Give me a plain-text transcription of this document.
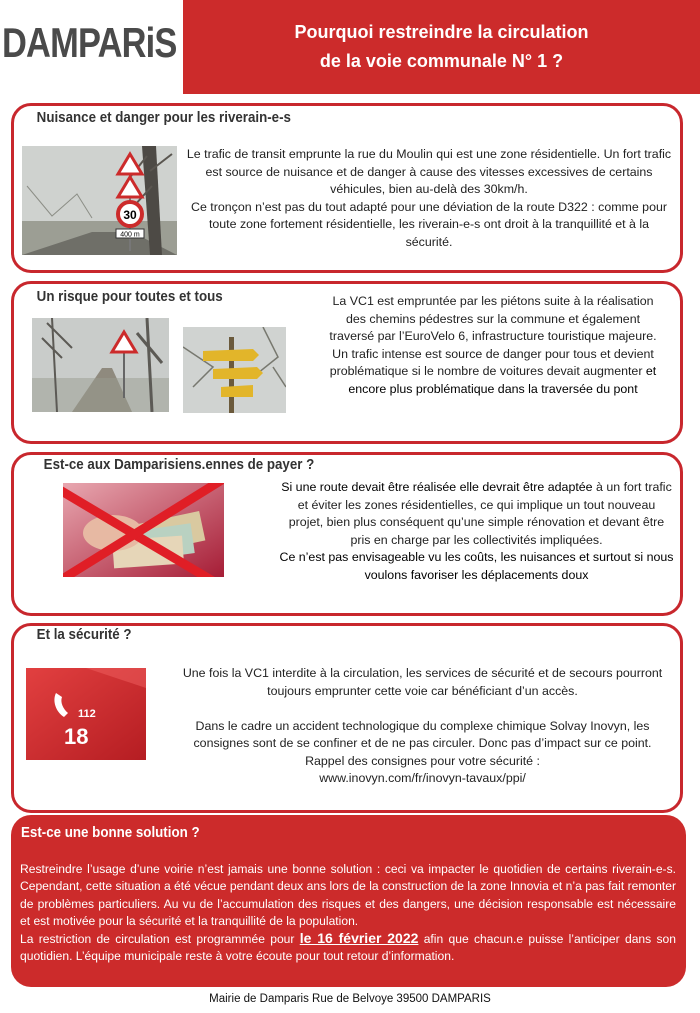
DAMPARiS	Pourquoi restreindre la circulation
de la voie communale N° 1 ?
Nuisance et danger pour les riverain-e-s
30
400 m

Le trafic de transit emprunte la rue du Moulin qui est une zone résidentielle. Un fort trafic est source de nuisance et de danger à cause des vitesses excessives de certains véhicules, bien au-delà des 30km/h.

Ce tronçon n’est pas du tout adapté pour une déviation de la route D322 : comme pour toute zone fortement résidentielle, les riverain-e-s ont droit à la tranquillité et à la sécurité.

Un risque pour toutes et tous	La VC1 est empruntée par les piétons suite à la réalisation des chemins pédestres sur la commune et également traversé par l’EuroVelo 6, infrastructure touristique majeure. Un trafic intense est source de danger pour tous et devient problématique si le nombre de voitures devait augmenter et encore plus problématique dans la traversée du pont

Est-ce aux Damparisiens.ennes de payer ?

Si une route devait être réalisée elle devrait être adaptée à un fort trafic et éviter les zones résidentielles, ce qui implique un tout nouveau projet, bien plus conséquent qu’une simple rénovation et devant être pris en charge par les collectivités impliquées.

Ce n’est pas envisageable vu les coûts, les nuisances et surtout si nous voulons favoriser les déplacements doux

Et la sécurité ?
112
18

Une fois la VC1 interdite à la circulation, les services de sécurité et de secours pourront toujours emprunter cette voie car bénéficiant d’un accès.

Dans le cadre un accident technologique du complexe chimique Solvay Inovyn, les consignes sont de se confiner et de ne pas circuler. Donc pas d’impact sur ce point.

Rappel des consignes pour votre sécurité :

www.inovyn.com/fr/inovyn-tavaux/ppi/

Est-ce une bonne solution ?

Restreindre l’usage d’une voirie n’est jamais une bonne solution : ceci va impacter le quotidien de certains riverain-e-s. Cependant, cette situation a été vécue pendant deux ans lors de la construction de la zone Innovia et n’a pas fait remonter de problèmes particuliers. Au vu de l’accumulation des risques et des dangers, une décision responsable est nécessaire et est motivée pour la sécurité et la tranquillité de la population.

La restriction de circulation est programmée pour le 16 février 2022 afin que chacun.e puisse l’anticiper dans son quotidien. L’équipe municipale reste à votre écoute pour tout retour d’information.

Mairie de Damparis Rue de Belvoye 39500 DAMPARIS
